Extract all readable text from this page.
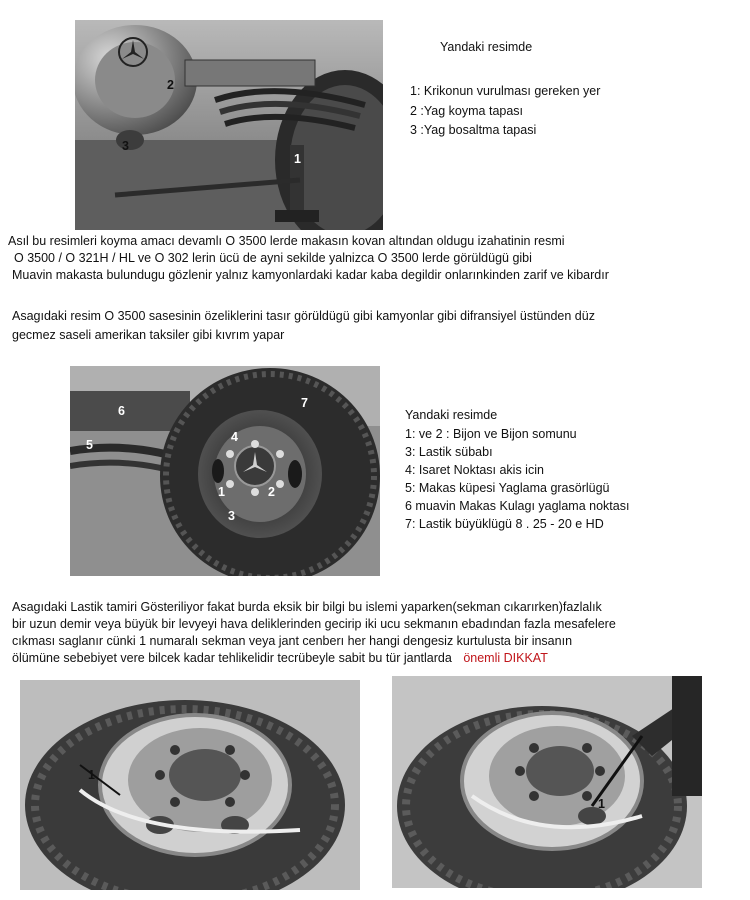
2
1
3
Yandaki resimde
1: Krikonun vurulması gereken yer
2 :Yag koyma tapası
3 :Yag bosaltma tapasi
Asıl bu resimleri koyma amacı devamlı O 3500 lerde makasın kovan altından oldugu izahatinin resmi
O 3500 / O 321H / HL ve O 302 lerin ücü de ayni sekilde yalnizca O 3500 lerde görüldügü gibi
Muavin makasta bulundugu gözlenir yalnız kamyonlardaki kadar kaba degildir onlarınkinden zarif ve kibardır
Asagıdaki resim O 3500 sasesinin özeliklerini tasır görüldügü gibi kamyonlar gibi difransiyel üstünden düz
gecmez saseli amerikan taksiler gibi kıvrım yapar
7
6
5
4
1	2
3
Yandaki resimde
1: ve 2 : Bijon ve Bijon somunu
3: Lastik sübabı
4: Isaret Noktası akis icin
5: Makas küpesi Yaglama grasörlügü
6 muavin Makas Kulagı yaglama noktası
7: Lastik büyüklügü 8 . 25 - 20 e HD
Asagıdaki Lastik tamiri Gösteriliyor fakat burda eksik bir bilgi bu islemi yaparken(sekman cıkarırken)fazlalık
bir uzun demir veya büyük bir levyeyi hava deliklerinden gecirip iki ucu sekmanın ebadından fazla mesafelere
cıkması saglanır cünki 1 numaralı sekman veya jant cenberı her hangi dengesiz kurtulusta bir insanın
ölümüne sebebiyet vere bilcek kadar tehlikelidir tecrübeyle sabit bu tür jantlarda önemli DIKKAT
1
1
